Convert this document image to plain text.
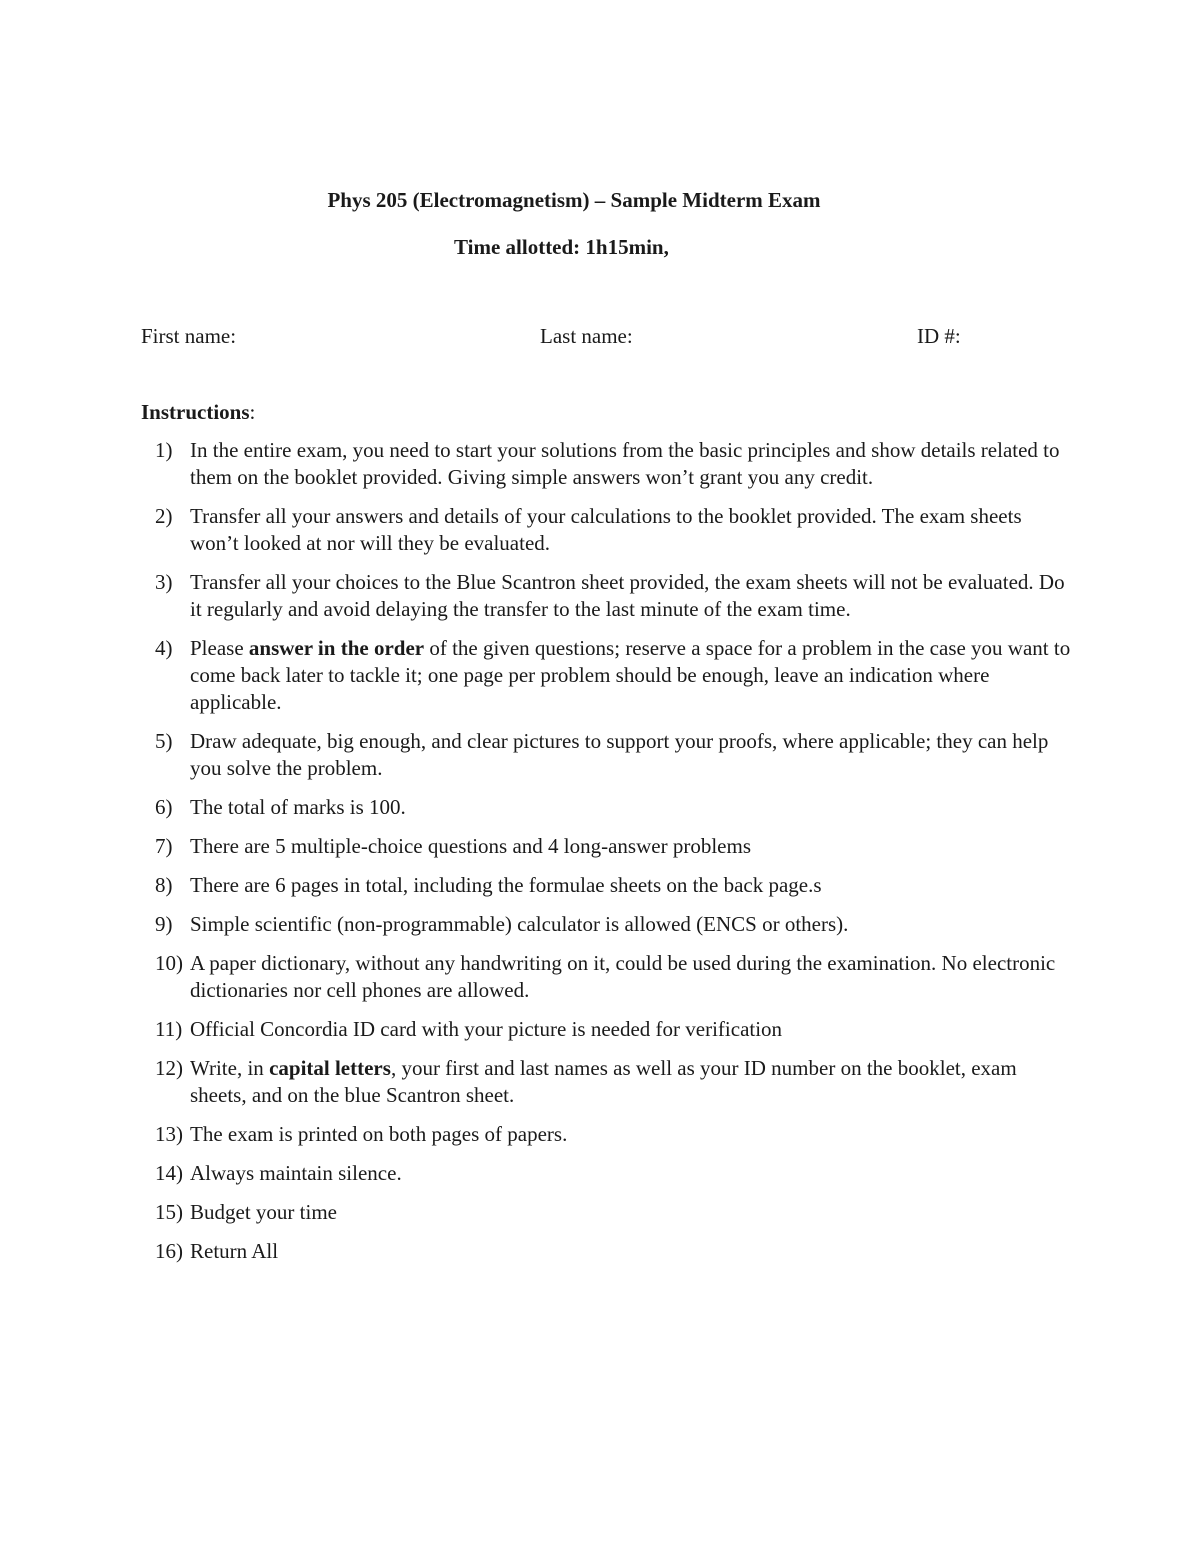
Phys 205 (Electromagnetism) – Sample Midterm Exam
Time allotted: 1h15min,
First name:	Last name:	ID #:
Instructions:
1) In the entire exam, you need to start your solutions from the basic principles and show details related to them on the booklet provided. Giving simple answers won’t grant you any credit.
2) Transfer all your answers and details of your calculations to the booklet provided. The exam sheets won’t looked at nor will they be evaluated.
3) Transfer all your choices to the Blue Scantron sheet provided, the exam sheets will not be evaluated. Do it regularly and avoid delaying the transfer to the last minute of the exam time.
4) Please answer in the order of the given questions; reserve a space for a problem in the case you want to come back later to tackle it; one page per problem should be enough, leave an indication where applicable.
5) Draw adequate, big enough, and clear pictures to support your proofs, where applicable; they can help you solve the problem.
6) The total of marks is 100.
7) There are 5 multiple-choice questions and 4 long-answer problems
8) There are 6 pages in total, including the formulae sheets on the back page.s
9) Simple scientific (non-programmable) calculator is allowed (ENCS or others).
10) A paper dictionary, without any handwriting on it, could be used during the examination. No electronic dictionaries nor cell phones are allowed.
11) Official Concordia ID card with your picture is needed for verification
12) Write, in capital letters, your first and last names as well as your ID number on the booklet, exam sheets, and on the blue Scantron sheet.
13) The exam is printed on both pages of papers.
14) Always maintain silence.
15) Budget your time
16) Return All
